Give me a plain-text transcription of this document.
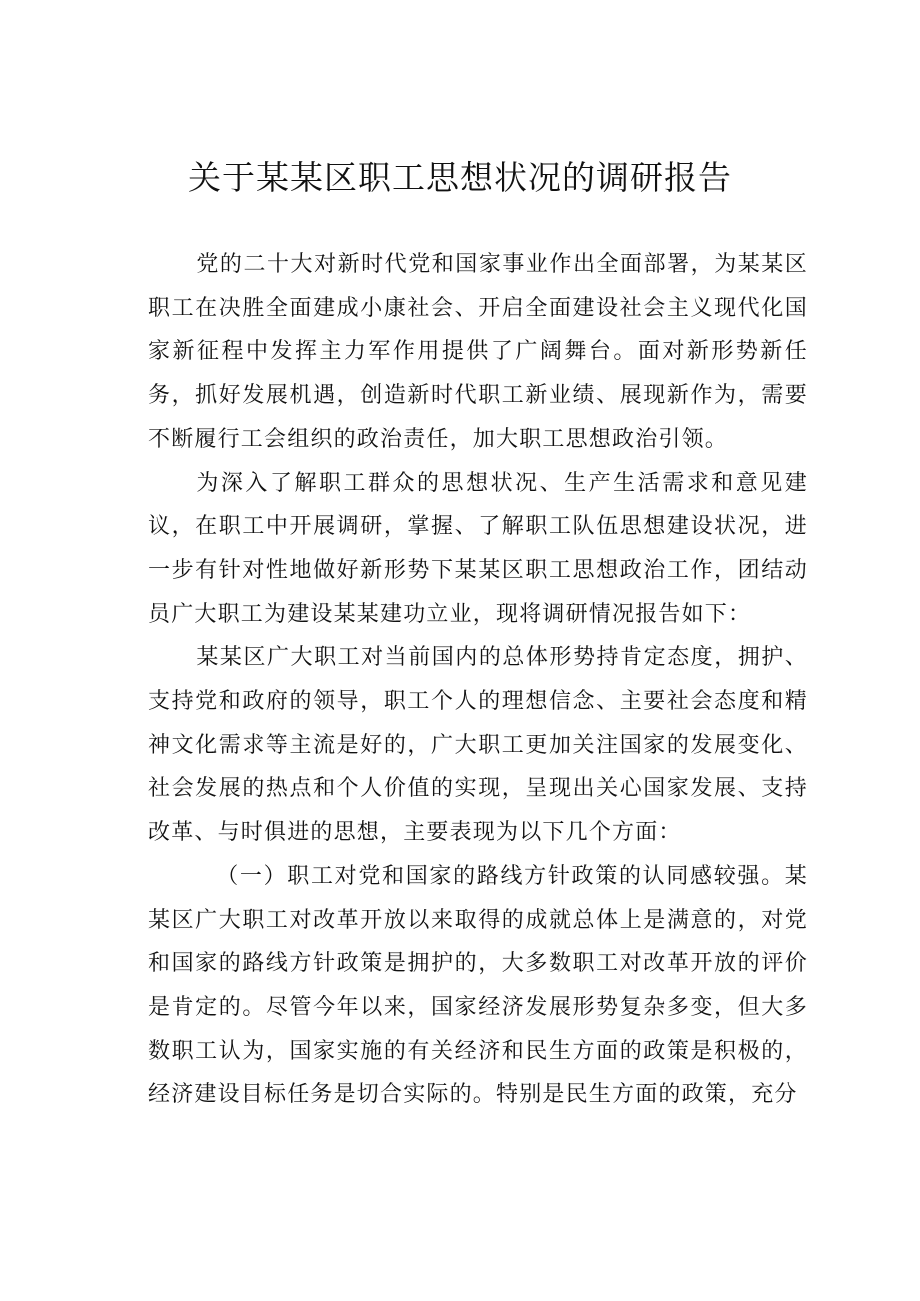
关于某某区职工思想状况的调研报告

党的二十大对新时代党和国家事业作出全面部署，为某某区职工在决胜全面建成小康社会、开启全面建设社会主义现代化国家新征程中发挥主力军作用提供了广阔舞台。面对新形势新任务，抓好发展机遇，创造新时代职工新业绩、展现新作为，需要不断履行工会组织的政治责任，加大职工思想政治引领。

为深入了解职工群众的思想状况、生产生活需求和意见建议，在职工中开展调研，掌握、了解职工队伍思想建设状况，进一步有针对性地做好新形势下某某区职工思想政治工作，团结动员广大职工为建设某某建功立业，现将调研情况报告如下：

某某区广大职工对当前国内的总体形势持肯定态度，拥护、支持党和政府的领导，职工个人的理想信念、主要社会态度和精神文化需求等主流是好的，广大职工更加关注国家的发展变化、社会发展的热点和个人价值的实现，呈现出关心国家发展、支持改革、与时俱进的思想，主要表现为以下几个方面：

（一）职工对党和国家的路线方针政策的认同感较强。某某区广大职工对改革开放以来取得的成就总体上是满意的，对党和国家的路线方针政策是拥护的，大多数职工对改革开放的评价是肯定的。尽管今年以来，国家经济发展形势复杂多变，但大多数职工认为，国家实施的有关经济和民生方面的政策是积极的，经济建设目标任务是切合实际的。特别是民生方面的政策，充分
